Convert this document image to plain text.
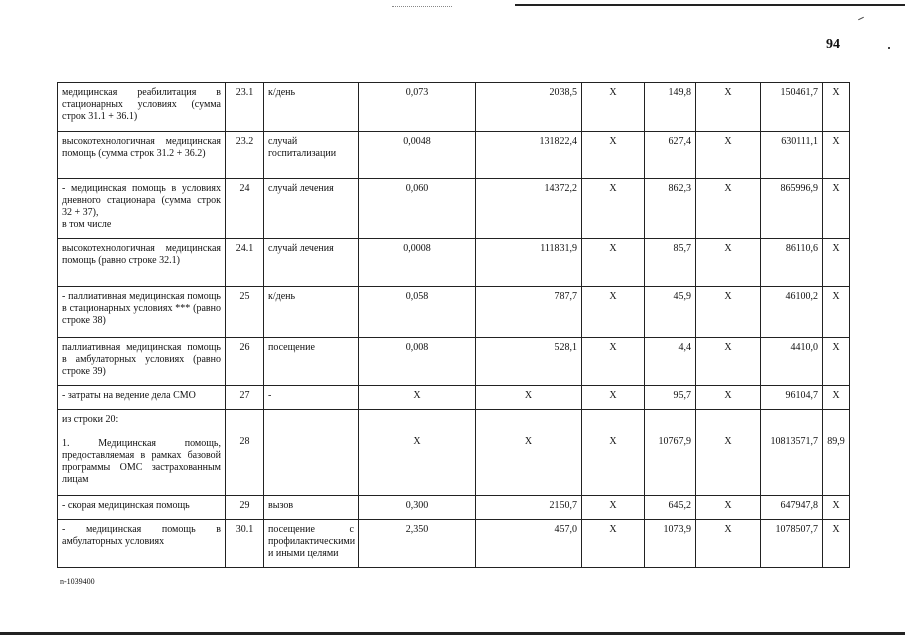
94
медицинская реабилитация в стационарных условиях (сумма строк 31.1 + 36.1)	23.1	к/день	0,073	2038,5	X	149,8	X	150461,7	X
высокотехнологичная медицинская помощь (сумма строк 31.2 + 36.2)	23.2	случай госпитализации	0,0048	131822,4	X	627,4	X	630111,1	X

- медицинская помощь в условиях дневного стационара (сумма строк 32 + 37),
в том числе	24	случай лечения	0,060	14372,2	X	862,3	X	865996,9	X
высокотехнологичная медицинская помощь (равно строке 32.1)	24.1	случай лечения	0,0008	111831,9	X	85,7	X	86110,6	X
- паллиативная медицинская помощь в стационарных условиях *** (равно строке 38)	25	к/день	0,058	787,7	X	45,9	X	46100,2	X
паллиативная медицинская помощь в амбулаторных условиях (равно строке 39)	26	посещение	0,008	528,1	X	4,4	X	4410,0	X
- затраты на ведение дела СМО	27	-	X	X	X	95,7	X	96104,7	X

из строки 20:
1. Медицинская помощь, предоставляемая в рамках базовой программы ОМС застрахованным лицам	28		X	X	X	10767,9	X	10813571,7	89,9
- скорая медицинская помощь	29	вызов	0,300	2150,7	X	645,2	X	647947,8	X
- медицинская помощь в амбулаторных условиях	30.1	посещение с профилактическими и иными целями	2,350	457,0	X	1073,9	X	1078507,7	X
n-1039400
